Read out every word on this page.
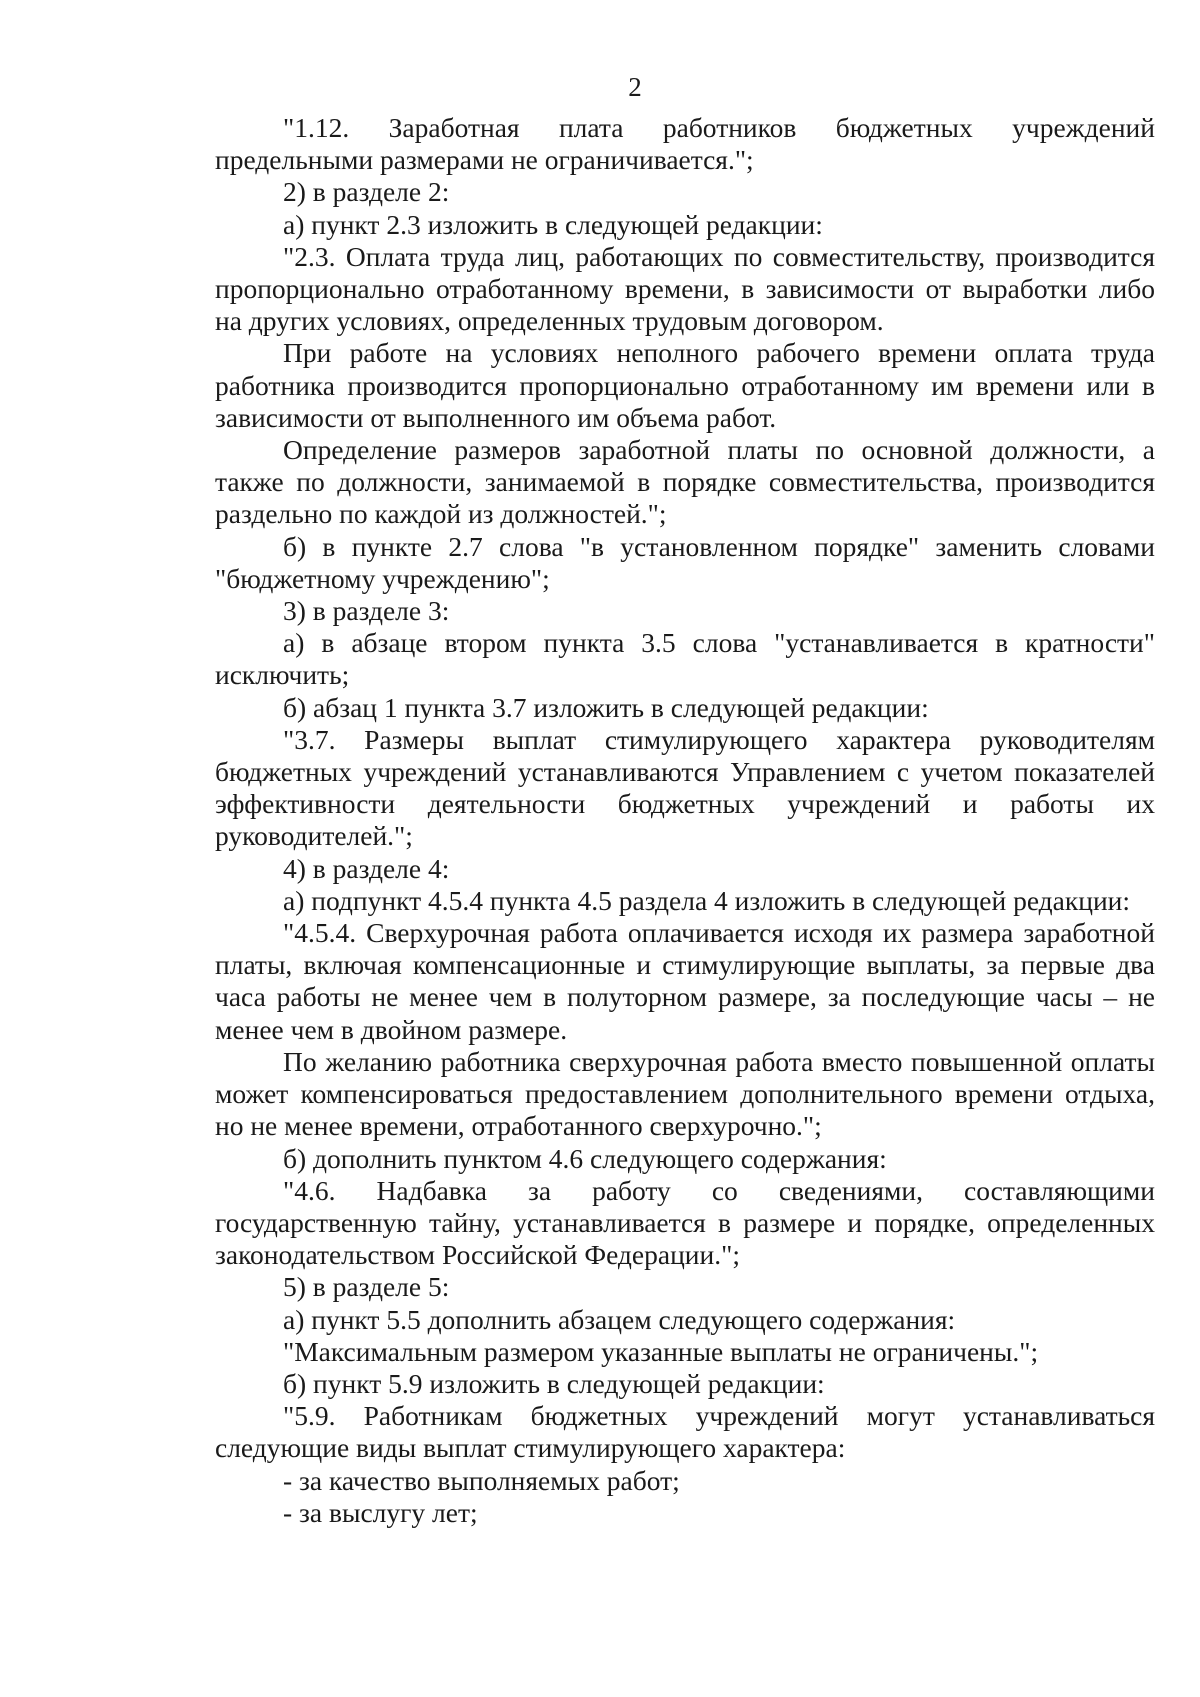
2

"1.12. Заработная плата работников бюджетных учреждений предельными размерами не ограничивается.";

2) в разделе 2:

а) пункт 2.3 изложить в следующей редакции:

"2.3. Оплата труда лиц, работающих по совместительству, производится пропорционально отработанному времени, в зависимости от выработки либо на других условиях, определенных трудовым договором.

При работе на условиях неполного рабочего времени оплата труда работника производится пропорционально отработанному им времени или в зависимости от выполненного им объема работ.

Определение размеров заработной платы по основной должности, а также по должности, занимаемой в порядке совместительства, производится раздельно по каждой из должностей.";

б) в пункте 2.7 слова "в установленном порядке" заменить словами "бюджетному учреждению";

3) в разделе 3:

а) в абзаце втором пункта 3.5 слова "устанавливается в кратности" исключить;

б) абзац 1 пункта 3.7 изложить в следующей редакции:

"3.7. Размеры выплат стимулирующего характера руководителям бюджетных учреждений устанавливаются Управлением с учетом показателей эффективности деятельности бюджетных учреждений и работы их руководителей.";

4) в разделе 4:

а) подпункт 4.5.4 пункта 4.5 раздела 4 изложить в следующей редакции:

"4.5.4. Сверхурочная работа оплачивается исходя их размера заработной платы, включая компенсационные и стимулирующие выплаты, за первые два часа работы не менее чем в полуторном размере, за последующие часы – не менее чем в двойном размере.

По желанию работника сверхурочная работа вместо повышенной оплаты может компенсироваться предоставлением дополнительного времени отдыха, но не менее времени, отработанного сверхурочно.";

б) дополнить пунктом 4.6 следующего содержания:

"4.6. Надбавка за работу со сведениями, составляющими государственную тайну, устанавливается в размере и порядке, определенных законодательством Российской Федерации.";

5) в разделе 5:

а) пункт 5.5 дополнить абзацем следующего содержания:

"Максимальным размером указанные выплаты не ограничены.";

б) пункт 5.9 изложить в следующей редакции:

"5.9. Работникам бюджетных учреждений могут устанавливаться следующие виды выплат стимулирующего характера:

- за качество выполняемых работ;

- за выслугу лет;
